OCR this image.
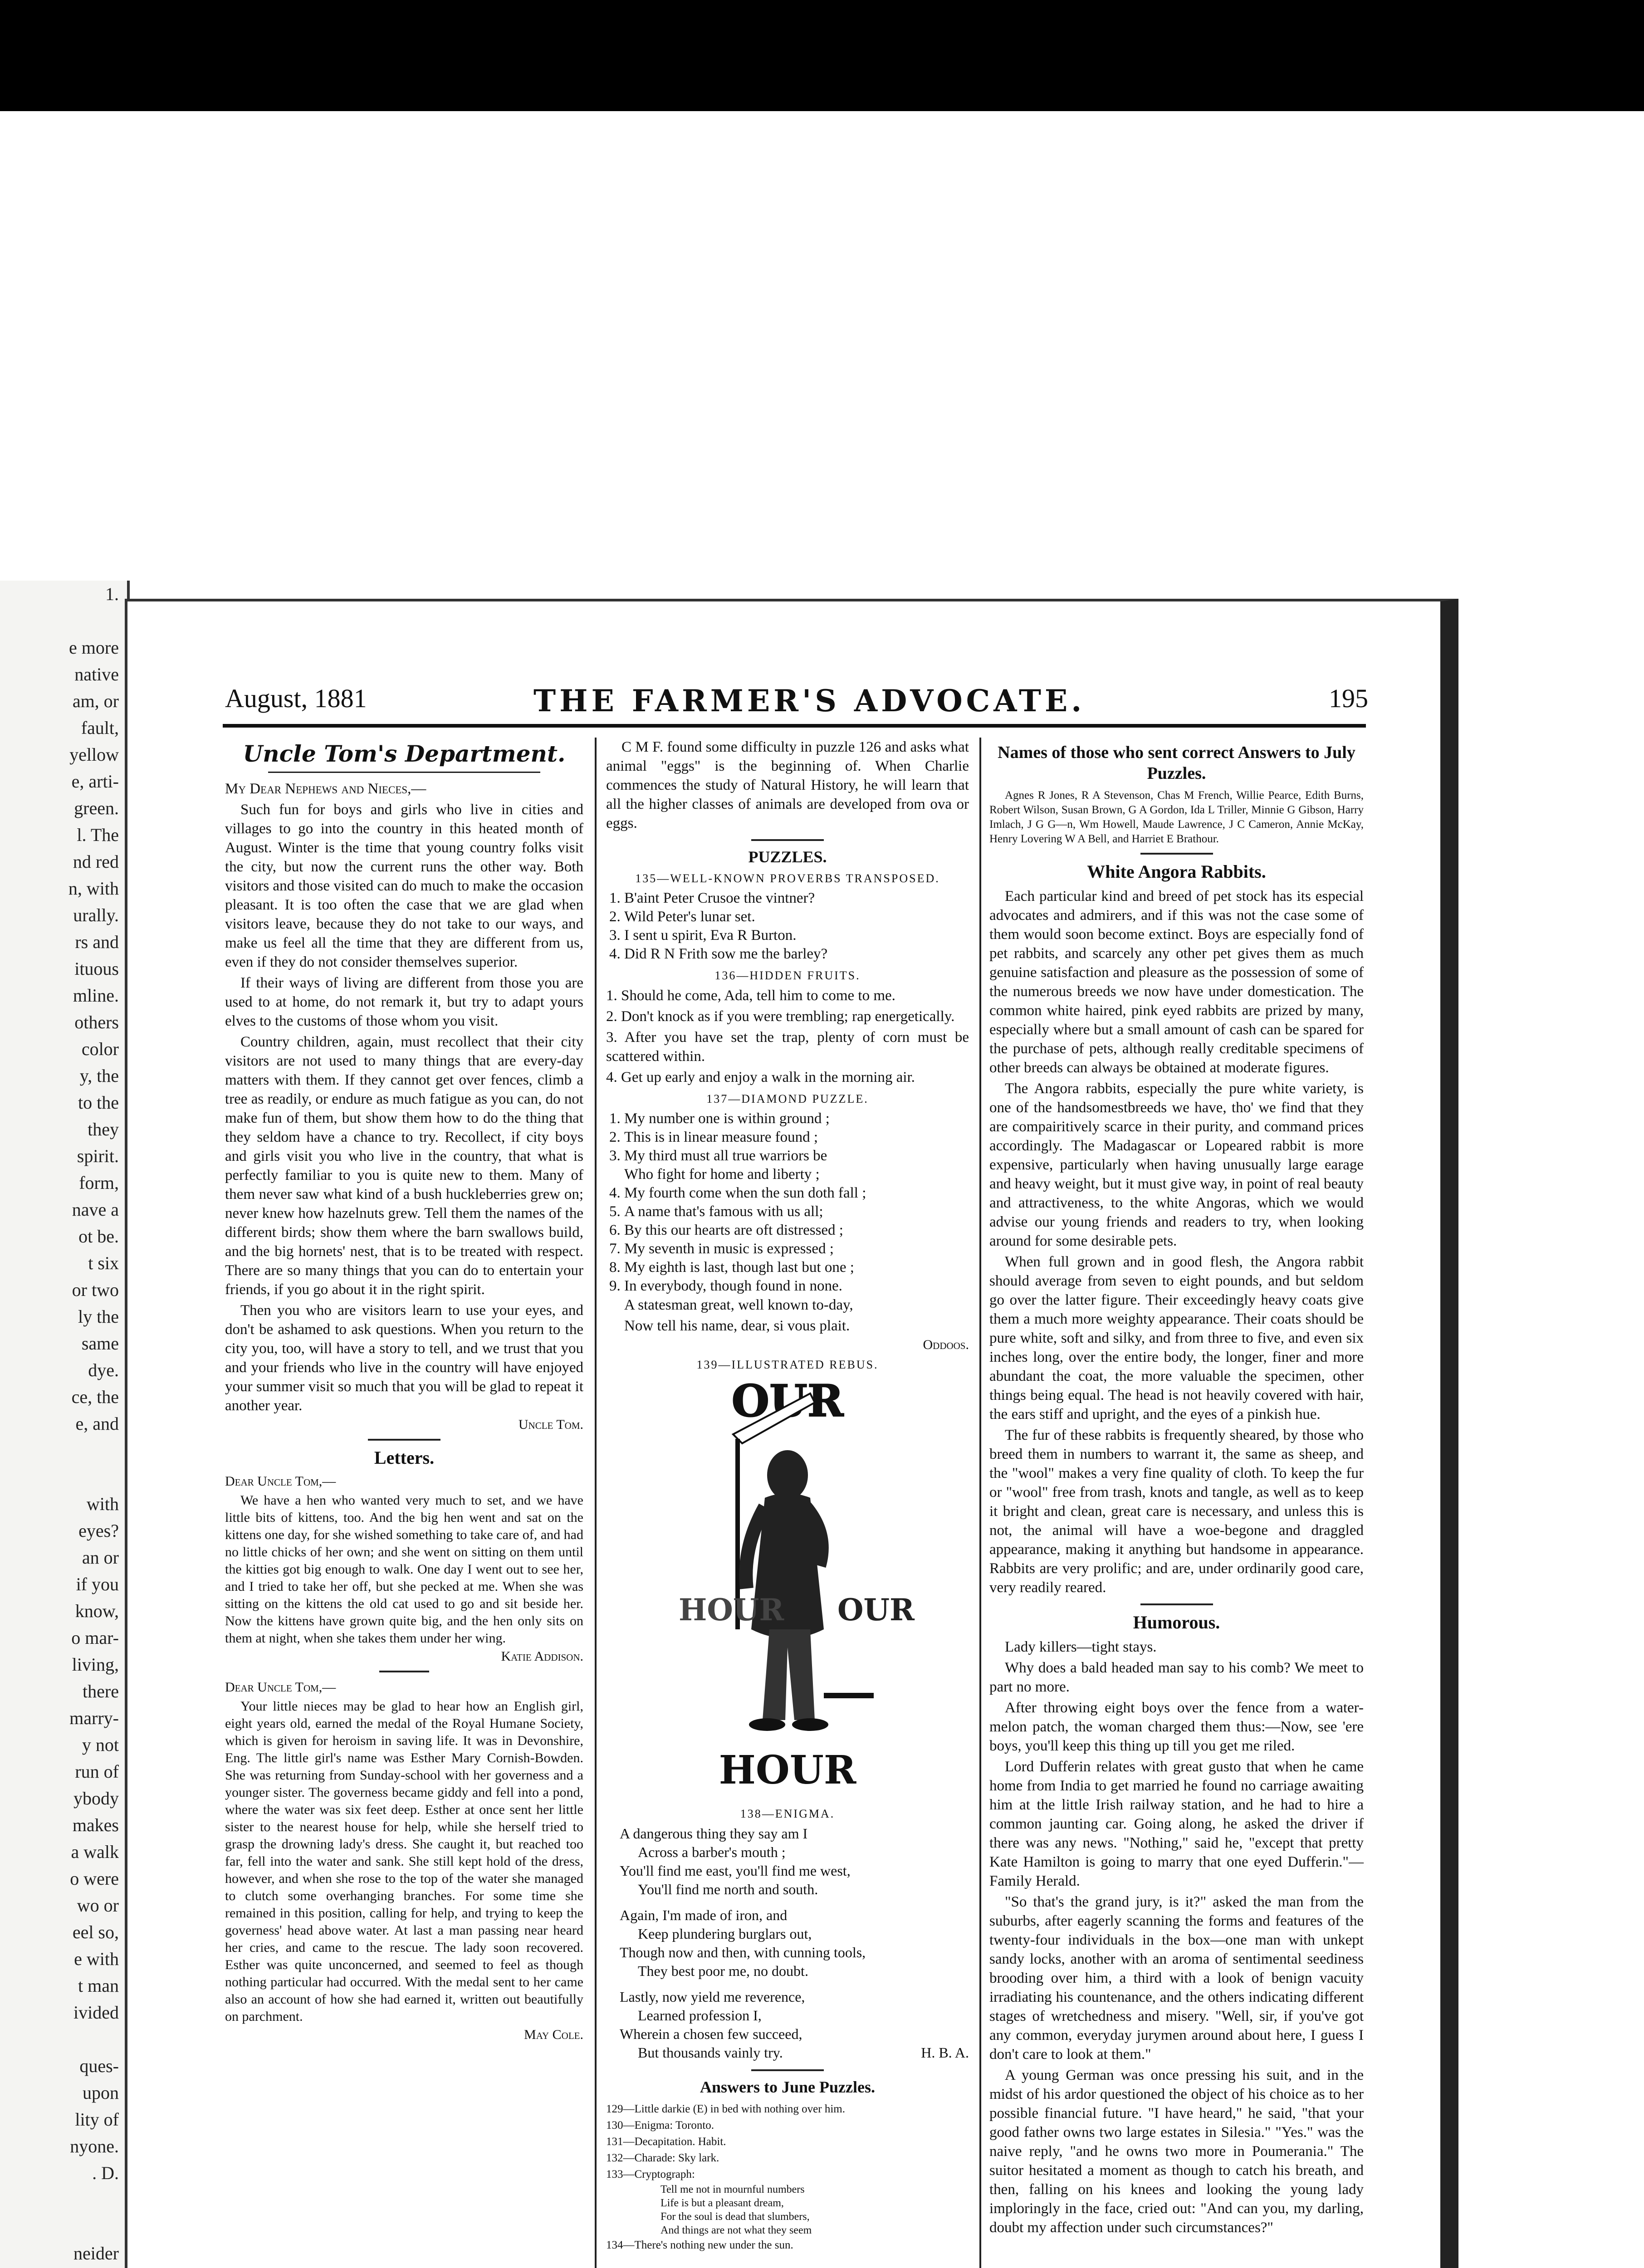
1.

e more
native
am, or
fault,
yellow
e, arti-
green.
l. The
nd red
n, with
urally.
rs and
ituous
mline.
others
color
y, the
to the
they
spirit.
form,
nave a
ot be.
t six
or two
ly the
same
dye.
ce, the
e, and

with
eyes?
an or
if you
know,
o mar-
living,
there
marry-
y not
run of
ybody
makes
a walk
o were
wo or
eel so,
e with
t man
ivided

ques-
upon
lity of
nyone.
. D.

neider

August, 1881	THE FARMER'S ADVOCATE.	195
Uncle Tom's Department.

My Dear Nephews and Nieces,—

Such fun for boys and girls who live in cities and villages to go into the country in this heated month of August. Winter is the time that young country folks visit the city, but now the current runs the other way. Both visitors and those visited can do much to make the occasion pleasant. It is too often the case that we are glad when visitors leave, because they do not take to our ways, and make us feel all the time that they are different from us, even if they do not consider themselves superior.

If their ways of living are different from those you are used to at home, do not remark it, but try to adapt yours elves to the customs of those whom you visit.

Country children, again, must recollect that their city visitors are not used to many things that are every-day matters with them. If they cannot get over fences, climb a tree as readily, or endure as much fatigue as you can, do not make fun of them, but show them how to do the thing that they seldom have a chance to try. Recollect, if city boys and girls visit you who live in the country, that what is perfectly familiar to you is quite new to them. Many of them never saw what kind of a bush huckleberries grew on; never knew how hazelnuts grew. Tell them the names of the different birds; show them where the barn swallows build, and the big hornets' nest, that is to be treated with respect. There are so many things that you can do to entertain your friends, if you go about it in the right spirit.

Then you who are visitors learn to use your eyes, and don't be ashamed to ask questions. When you return to the city you, too, will have a story to tell, and we trust that you and your friends who live in the country will have enjoyed your summer visit so much that you will be glad to repeat it another year.

Uncle Tom.

Letters.

Dear Uncle Tom,—

We have a hen who wanted very much to set, and we have little bits of kittens, too. And the big hen went and sat on the kittens one day, for she wished something to take care of, and had no little chicks of her own; and she went on sitting on them until the kitties got big enough to walk. One day I went out to see her, and I tried to take her off, but she pecked at me. When she was sitting on the kittens the old cat used to go and sit beside her. Now the kittens have grown quite big, and the hen only sits on them at night, when she takes them under her wing.

Katie Addison.

Dear Uncle Tom,—

Your little nieces may be glad to hear how an English girl, eight years old, earned the medal of the Royal Humane Society, which is given for heroism in saving life. It was in Devonshire, Eng. The little girl's name was Esther Mary Cornish-Bowden. She was returning from Sunday-school with her governess and a younger sister. The governess became giddy and fell into a pond, where the water was six feet deep. Esther at once sent her little sister to the nearest house for help, while she herself tried to grasp the drowning lady's dress. She caught it, but reached too far, fell into the water and sank. She still kept hold of the dress, however, and when she rose to the top of the water she managed to clutch some overhanging branches. For some time she remained in this position, calling for help, and trying to keep the governess' head above water. At last a man passing near heard her cries, and came to the rescue. The lady soon recovered. Esther was quite unconcerned, and seemed to feel as though nothing particular had occurred. With the medal sent to her came also an account of how she had earned it, written out beautifully on parchment.

May Cole.

C M F. found some difficulty in puzzle 126 and asks what animal "eggs" is the beginning of. When Charlie commences the study of Natural History, he will learn that all the higher classes of animals are developed from ova or eggs.

PUZZLES.
135—WELL-KNOWN PROVERBS TRANSPOSED.
1. B'aint Peter Crusoe the vintner?
2. Wild Peter's lunar set.
3. I sent u spirit, Eva R Burton.
4. Did R N Frith sow me the barley?
136—HIDDEN FRUITS.

1. Should he come, Ada, tell him to come to me.

2. Don't knock as if you were trembling; rap energetically.

3. After you have set the trap, plenty of corn must be scattered within.

4. Get up early and enjoy a walk in the morning air.

137—DIAMOND PUZZLE.
1. My number one is within ground ;
2. This is in linear measure found ;
3. My third must all true warriors be
Who fight for home and liberty ;
4. My fourth come when the sun doth fall ;
5. A name that's famous with us all;
6. By this our hearts are oft distressed ;
7. My seventh in music is expressed ;
8. My eighth is last, though last but one ;
9. In everybody, though found in none.

A statesman great, well known to-day,

Now tell his name, dear, si vous plait.

Oddoos.

139—ILLUSTRATED REBUS.
OUR
HOUR OUR
HOUR
138—ENIGMA.
A dangerous thing they say am I
Across a barber's mouth ;
You'll find me east, you'll find me west,
You'll find me north and south.
Again, I'm made of iron, and
Keep plundering burglars out,
Though now and then, with cunning tools,
They best poor me, no doubt.
Lastly, now yield me reverence,
Learned profession I,
Wherein a chosen few succeed,
But thousands vainly try.	H. B. A.
Answers to June Puzzles.
129—Little darkie (E) in bed with nothing over him.
130—Enigma: Toronto.
131—Decapitation. Habit.
132—Charade: Sky lark.
133—Cryptograph:
Tell me not in mournful numbers
Life is but a pleasant dream,
For the soul is dead that slumbers,
And things are not what they seem
134—There's nothing new under the sun.
Names of those who sent correct Answers to July Puzzles.

Agnes R Jones, R A Stevenson, Chas M French, Willie Pearce, Edith Burns, Robert Wilson, Susan Brown, G A Gordon, Ida L Triller, Minnie G Gibson, Harry Imlach, J G G—n, Wm Howell, Maude Lawrence, J C Cameron, Annie McKay, Henry Lovering W A Bell, and Harriet E Brathour.

White Angora Rabbits.

Each particular kind and breed of pet stock has its especial advocates and admirers, and if this was not the case some of them would soon become extinct. Boys are especially fond of pet rabbits, and scarcely any other pet gives them as much genuine satisfaction and pleasure as the possession of some of the numerous breeds we now have under domestication. The common white haired, pink eyed rabbits are prized by many, especially where but a small amount of cash can be spared for the purchase of pets, although really creditable specimens of other breeds can always be obtained at moderate figures.

The Angora rabbits, especially the pure white variety, is one of the handsomestbreeds we have, tho' we find that they are compairitively scarce in their purity, and command prices accordingly. The Madagascar or Lopeared rabbit is more expensive, particularly when having unusually large earage and heavy weight, but it must give way, in point of real beauty and attractiveness, to the white Angoras, which we would advise our young friends and readers to try, when looking around for some desirable pets.

When full grown and in good flesh, the Angora rabbit should average from seven to eight pounds, and but seldom go over the latter figure. Their exceedingly heavy coats give them a much more weighty appearance. Their coats should be pure white, soft and silky, and from three to five, and even six inches long, over the entire body, the longer, finer and more abundant the coat, the more valuable the specimen, other things being equal. The head is not heavily covered with hair, the ears stiff and upright, and the eyes of a pinkish hue.

The fur of these rabbits is frequently sheared, by those who breed them in numbers to warrant it, the same as sheep, and the "wool" makes a very fine quality of cloth. To keep the fur or "wool" free from trash, knots and tangle, as well as to keep it bright and clean, great care is necessary, and unless this is not, the animal will have a woe-begone and draggled appearance, making it anything but handsome in appearance. Rabbits are very prolific; and are, under ordinarily good care, very readily reared.

Humorous.

Lady killers—tight stays.

Why does a bald headed man say to his comb? We meet to part no more.

After throwing eight boys over the fence from a water-melon patch, the woman charged them thus:—Now, see 'ere boys, you'll keep this thing up till you get me riled.

Lord Dufferin relates with great gusto that when he came home from India to get married he found no carriage awaiting him at the little Irish railway station, and he had to hire a common jaunting car. Going along, he asked the driver if there was any news. "Nothing," said he, "except that pretty Kate Hamilton is going to marry that one eyed Dufferin."—Family Herald.

"So that's the grand jury, is it?" asked the man from the suburbs, after eagerly scanning the forms and features of the twenty-four individuals in the box—one man with unkept sandy locks, another with an aroma of sentimental seediness brooding over him, a third with a look of benign vacuity irradiating his countenance, and the others indicating different stages of wretchedness and misery. "Well, sir, if you've got any common, everyday jurymen around about here, I guess I don't care to look at them."

A young German was once pressing his suit, and in the midst of his ardor questioned the object of his choice as to her possible financial future. "I have heard," he said, "that your good father owns two large estates in Silesia." "Yes." was the naive reply, "and he owns two more in Poumerania." The suitor hesitated a moment as though to catch his breath, and then, falling on his knees and looking the young lady imploringly in the face, cried out: "And can you, my darling, doubt my affection under such circumstances?"
